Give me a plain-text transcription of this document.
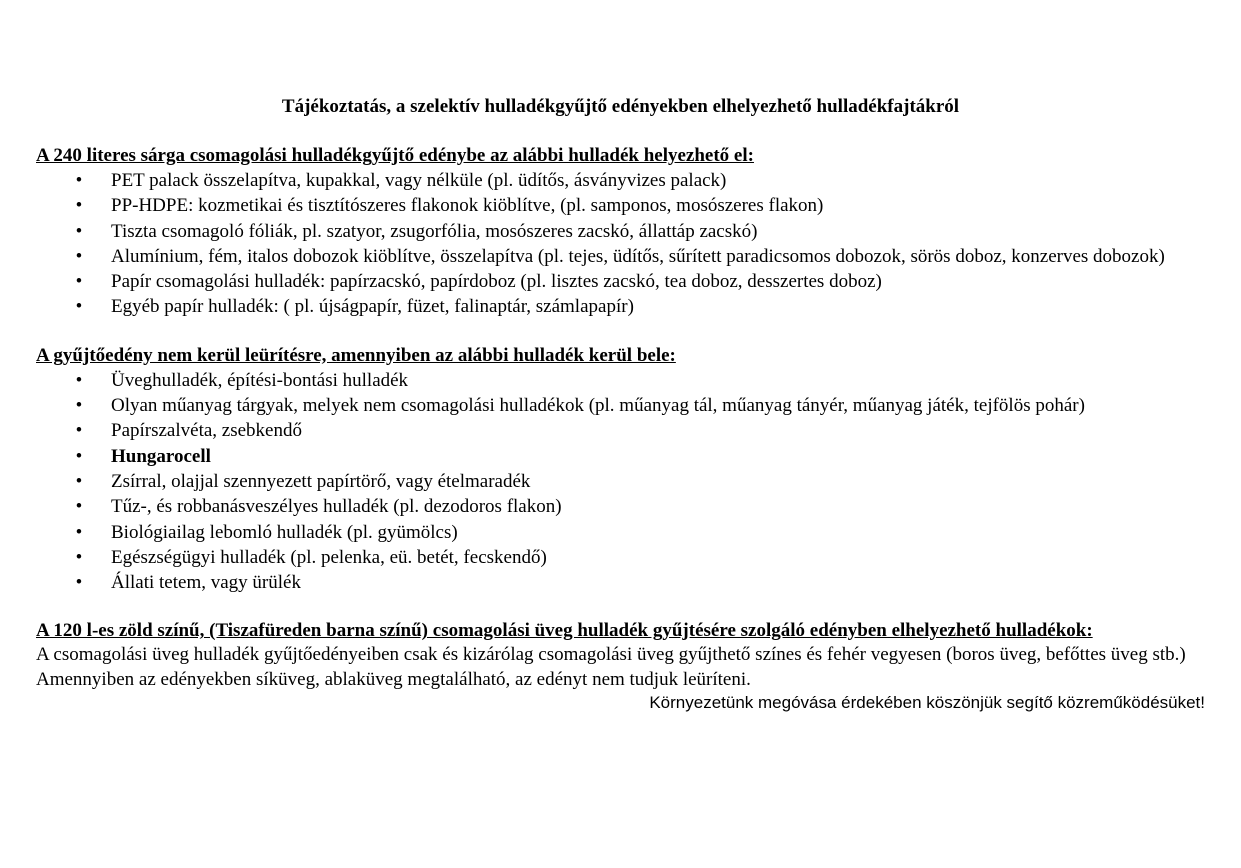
Tájékoztatás, a szelektív hulladékgyűjtő edényekben elhelyezhető hulladékfajtákról

A 240 literes sárga csomagolási hulladékgyűjtő edénybe az alábbi hulladék helyezhető el:

•	PET palack összelapítva, kupakkal, vagy nélküle (pl. üdítős, ásványvizes palack)
•	PP-HDPE: kozmetikai és tisztítószeres flakonok kiöblítve, (pl. samponos, mosószeres flakon)
•	Tiszta csomagoló fóliák, pl. szatyor, zsugorfólia, mosószeres zacskó, állattáp zacskó)
•	Alumínium, fém, italos dobozok kiöblítve, összelapítva (pl. tejes, üdítős, sűrített paradicsomos dobozok, sörös doboz, konzerves dobozok)
•	Papír csomagolási hulladék: papírzacskó, papírdoboz (pl. lisztes zacskó, tea doboz, desszertes doboz)
•	Egyéb papír hulladék: ( pl. újságpapír, füzet, falinaptár, számlapapír)

A gyűjtőedény nem kerül leürítésre, amennyiben az alábbi hulladék kerül bele:

•	Üveghulladék, építési-bontási hulladék
•	Olyan műanyag tárgyak, melyek nem csomagolási hulladékok (pl. műanyag tál, műanyag tányér, műanyag játék, tejfölös pohár)
•	Papírszalvéta, zsebkendő
•	Hungarocell
•	Zsírral, olajjal szennyezett papírtörő, vagy ételmaradék
•	Tűz-, és robbanásveszélyes hulladék (pl. dezodoros flakon)
•	Biológiailag lebomló hulladék (pl. gyümölcs)
•	Egészségügyi hulladék (pl. pelenka, eü. betét, fecskendő)
•	Állati tetem, vagy ürülék

A 120 l-es zöld színű, (Tiszafüreden barna színű) csomagolási üveg hulladék gyűjtésére szolgáló edényben elhelyezhető hulladékok:

A csomagolási üveg hulladék gyűjtőedényeiben csak és kizárólag csomagolási üveg gyűjthető színes és fehér vegyesen (boros üveg, befőttes üveg stb.)

Amennyiben az edényekben síküveg, ablaküveg megtalálható, az edényt nem tudjuk leüríteni.

Környezetünk megóvása érdekében köszönjük segítő közreműködésüket!
